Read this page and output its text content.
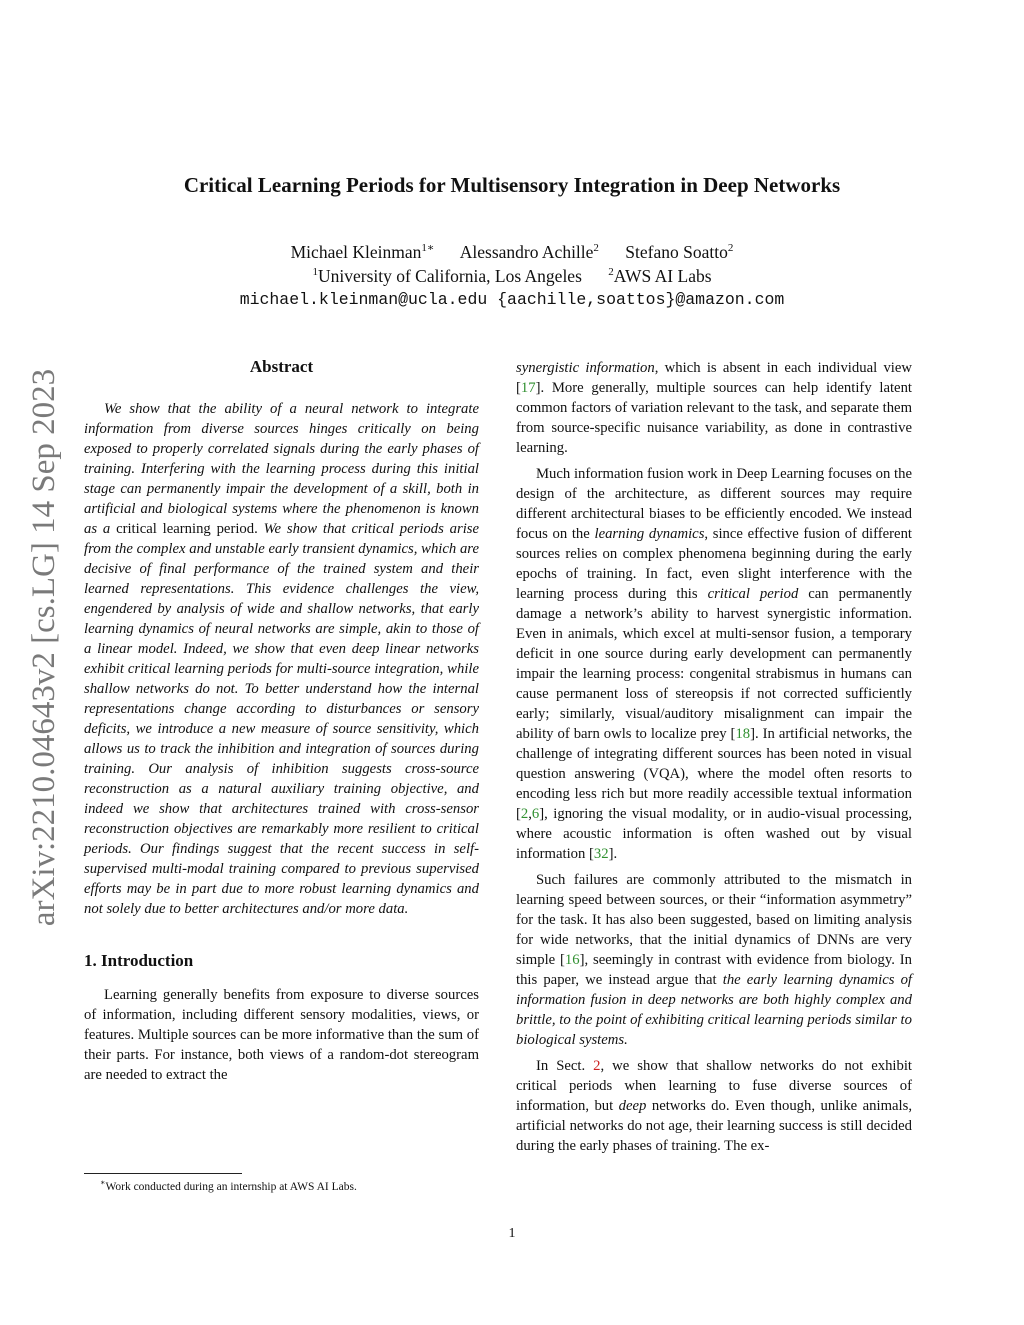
arXiv:2210.04643v2 [cs.LG] 14 Sep 2023
Critical Learning Periods for Multisensory Integration in Deep Networks
Michael Kleinman$^{1∗}$ Alessandro Achille$^2$ Stefano Soatto$^2$
$^1$University of California, Los Angeles $^2$AWS AI Labs
michael.kleinman@ucla.edu {aachille,soattos}@amazon.com
Abstract

We show that the ability of a neural network to integrate information from diverse sources hinges critically on being exposed to properly correlated signals during the early phases of training. Interfering with the learning process during this initial stage can permanently impair the development of a skill, both in artificial and biological systems where the phenomenon is known as a critical learning period. We show that critical periods arise from the complex and unstable early transient dynamics, which are decisive of final performance of the trained system and their learned representations. This evidence challenges the view, engendered by analysis of wide and shallow networks, that early learning dynamics of neural networks are simple, akin to those of a linear model. Indeed, we show that even deep linear networks exhibit critical learning periods for multi-source integration, while shallow networks do not. To better understand how the internal representations change according to disturbances or sensory deficits, we introduce a new measure of source sensitivity, which allows us to track the inhibition and integration of sources during training. Our analysis of inhibition suggests cross-source reconstruction as a natural auxiliary training objective, and indeed we show that architectures trained with cross-sensor reconstruction objectives are remarkably more resilient to critical periods. Our findings suggest that the recent success in self-supervised multi-modal training compared to previous supervised efforts may be in part due to more robust learning dynamics and not solely due to better architectures and/or more data.

1. Introduction

Learning generally benefits from exposure to diverse sources of information, including different sensory modalities, views, or features. Multiple sources can be more informative than the sum of their parts. For instance, both views of a random-dot stereogram are needed to extract the

synergistic information, which is absent in each individual view [17]. More generally, multiple sources can help identify latent common factors of variation relevant to the task, and separate them from source-specific nuisance variability, as done in contrastive learning.

Much information fusion work in Deep Learning focuses on the design of the architecture, as different sources may require different architectural biases to be efficiently encoded. We instead focus on the learning dynamics, since effective fusion of different sources relies on complex phenomena beginning during the early epochs of training. In fact, even slight interference with the learning process during this critical period can permanently damage a network’s ability to harvest synergistic information. Even in animals, which excel at multi-sensor fusion, a temporary deficit in one source during early development can permanently impair the learning process: congenital strabismus in humans can cause permanent loss of stereopsis if not corrected sufficiently early; similarly, visual/auditory misalignment can impair the ability of barn owls to localize prey [18]. In artificial networks, the challenge of integrating different sources has been noted in visual question answering (VQA), where the model often resorts to encoding less rich but more readily accessible textual information [2,6], ignoring the visual modality, or in audio-visual processing, where acoustic information is often washed out by visual information [32].

Such failures are commonly attributed to the mismatch in learning speed between sources, or their “information asymmetry” for the task. It has also been suggested, based on limiting analysis for wide networks, that the initial dynamics of DNNs are very simple [16], seemingly in contrast with evidence from biology. In this paper, we instead argue that the early learning dynamics of information fusion in deep networks are both highly complex and brittle, to the point of exhibiting critical learning periods similar to biological systems.

In Sect. 2, we show that shallow networks do not exhibit critical periods when learning to fuse diverse sources of information, but deep networks do. Even though, unlike animals, artificial networks do not age, their learning success is still decided during the early phases of training. The ex-

∗Work conducted during an internship at AWS AI Labs.
1
